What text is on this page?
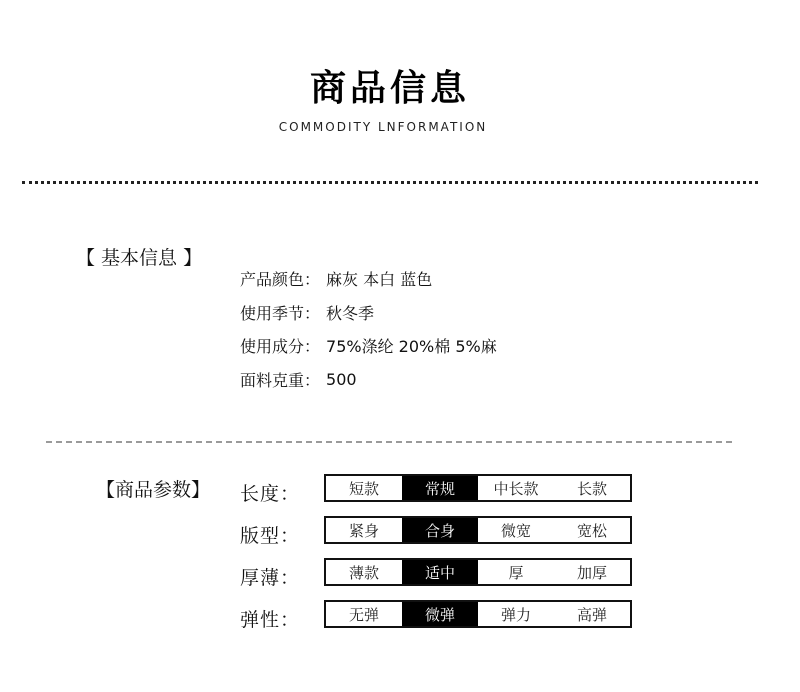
商品信息
COMMODITY LNFORMATION
【 基本信息 】
产品颜色： 麻灰 本白 蓝色
使用季节： 秋冬季
使用成分： 75%涤纶 20%棉 5%麻
面料克重： 500
【商品参数】 长度：	短款	常规	中长款	长款
版型：	紧身	合身	微宽	宽松
厚薄：	薄款	适中	厚	加厚
弹性：	无弹	微弹	弹力	高弹
